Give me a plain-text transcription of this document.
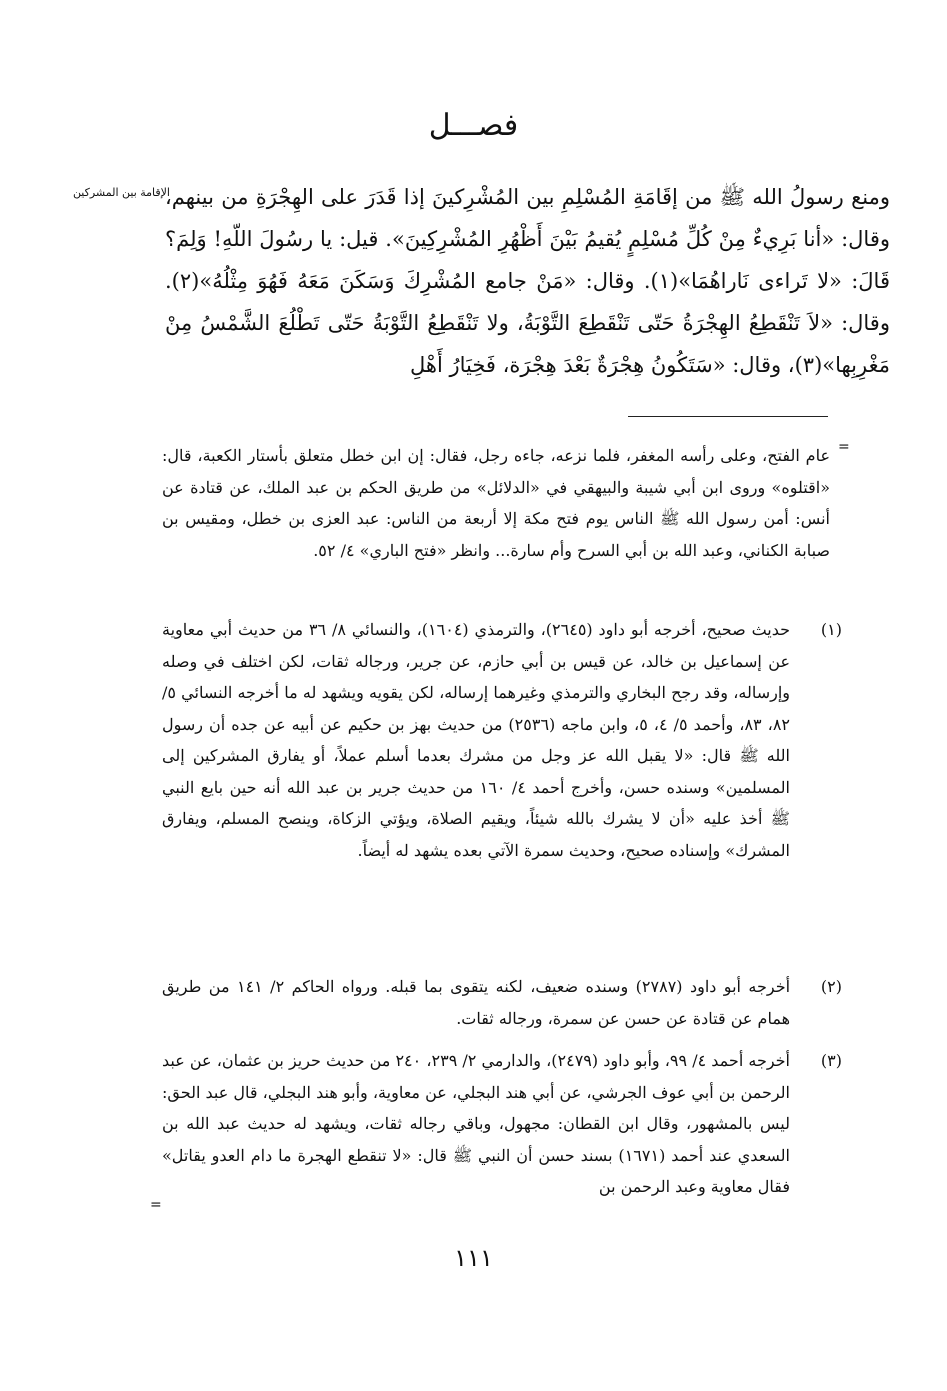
فصـــل
الإقامة بين المشركين
ومنع رسولُ الله ﷺ من إقَامَةِ المُسْلِمِ بين المُشْرِكينَ إذا قَدَرَ على الهِجْرَةِ من بينهم، وقال: «أنا بَرِيءٌ مِنْ كُلِّ مُسْلِمٍ يُقيمُ بَيْنَ أَظْهُرِ المُشْرِكِينَ». قيل: يا رسُولَ اللّهِ! وَلِمَ؟ قَالَ: «لا تَراءى نَاراهُمَا»(١). وقال: «مَنْ جامع المُشْرِكَ وَسَكَنَ مَعَهُ فَهُوَ مِثْلُهُ»(٢). وقال: «لاَ تَنْقَطِعُ الهِجْرَةُ حَتّى تَنْقَطِعَ التَّوْبَةُ، ولا تَنْقَطِعُ التَّوْبَةُ حَتّى تَطْلُعَ الشَّمْسُ مِنْ مَغْرِبِها»(٣)، وقال: «سَتَكُونُ هِجْرَةٌ بَعْدَ هِجْرَة، فَخِيَارُ أَهْلِ
=
عام الفتح، وعلى رأسه المغفر، فلما نزعه، جاءه رجل، فقال: إن ابن خطل متعلق بأستار الكعبة، قال: «اقتلوه» وروى ابن أبي شيبة والبيهقي في «الدلائل» من طريق الحكم بن عبد الملك، عن قتادة عن أنس: أمن رسول الله ﷺ الناس يوم فتح مكة إلا أربعة من الناس: عبد العزى بن خطل، ومقيس بن صبابة الكناني، وعبد الله بن أبي السرح وأم سارة... وانظر «فتح الباري» ٤/ ٥٢.
(١)
حديث صحيح، أخرجه أبو داود (٢٦٤٥)، والترمذي (١٦٠٤)، والنسائي ٨/ ٣٦ من حديث أبي معاوية عن إسماعيل بن خالد، عن قيس بن أبي حازم، عن جرير، ورجاله ثقات، لكن اختلف في وصله وإرساله، وقد رجح البخاري والترمذي وغيرهما إرساله، لكن يقويه ويشهد له ما أخرجه النسائي ٥/ ٨٢، ٨٣، وأحمد ٥/ ٤، ٥، وابن ماجه (٢٥٣٦) من حديث بهز بن حكيم عن أبيه عن جده أن رسول الله ﷺ قال: «لا يقبل الله عز وجل من مشرك بعدما أسلم عملاً، أو يفارق المشركين إلى المسلمين» وسنده حسن، وأخرج أحمد ٤/ ١٦٠ من حديث جرير بن عبد الله أنه حين بايع النبي ﷺ أخذ عليه «أن لا يشرك بالله شيئاً، ويقيم الصلاة، ويؤتي الزكاة، وينصح المسلم، ويفارق المشرك» وإسناده صحيح، وحديث سمرة الآتي بعده يشهد له أيضاً.
(٢)
أخرجه أبو داود (٢٧٨٧) وسنده ضعيف، لكنه يتقوى بما قبله. ورواه الحاكم ٢/ ١٤١ من طريق همام عن قتادة عن حسن عن سمرة، ورجاله ثقات.
(٣)
أخرجه أحمد ٤/ ٩٩، وأبو داود (٢٤٧٩)، والدارمي ٢/ ٢٣٩، ٢٤٠ من حديث حريز بن عثمان، عن عبد الرحمن بن أبي عوف الجرشي، عن أبي هند البجلي، عن معاوية، وأبو هند البجلي، قال عبد الحق: ليس بالمشهور، وقال ابن القطان: مجهول، وباقي رجاله ثقات، ويشهد له حديث عبد الله بن السعدي عند أحمد (١٦٧١) بسند حسن أن النبي ﷺ قال: «لا تنقطع الهجرة ما دام العدو يقاتل» فقال معاوية وعبد الرحمن بن
=
١١١
